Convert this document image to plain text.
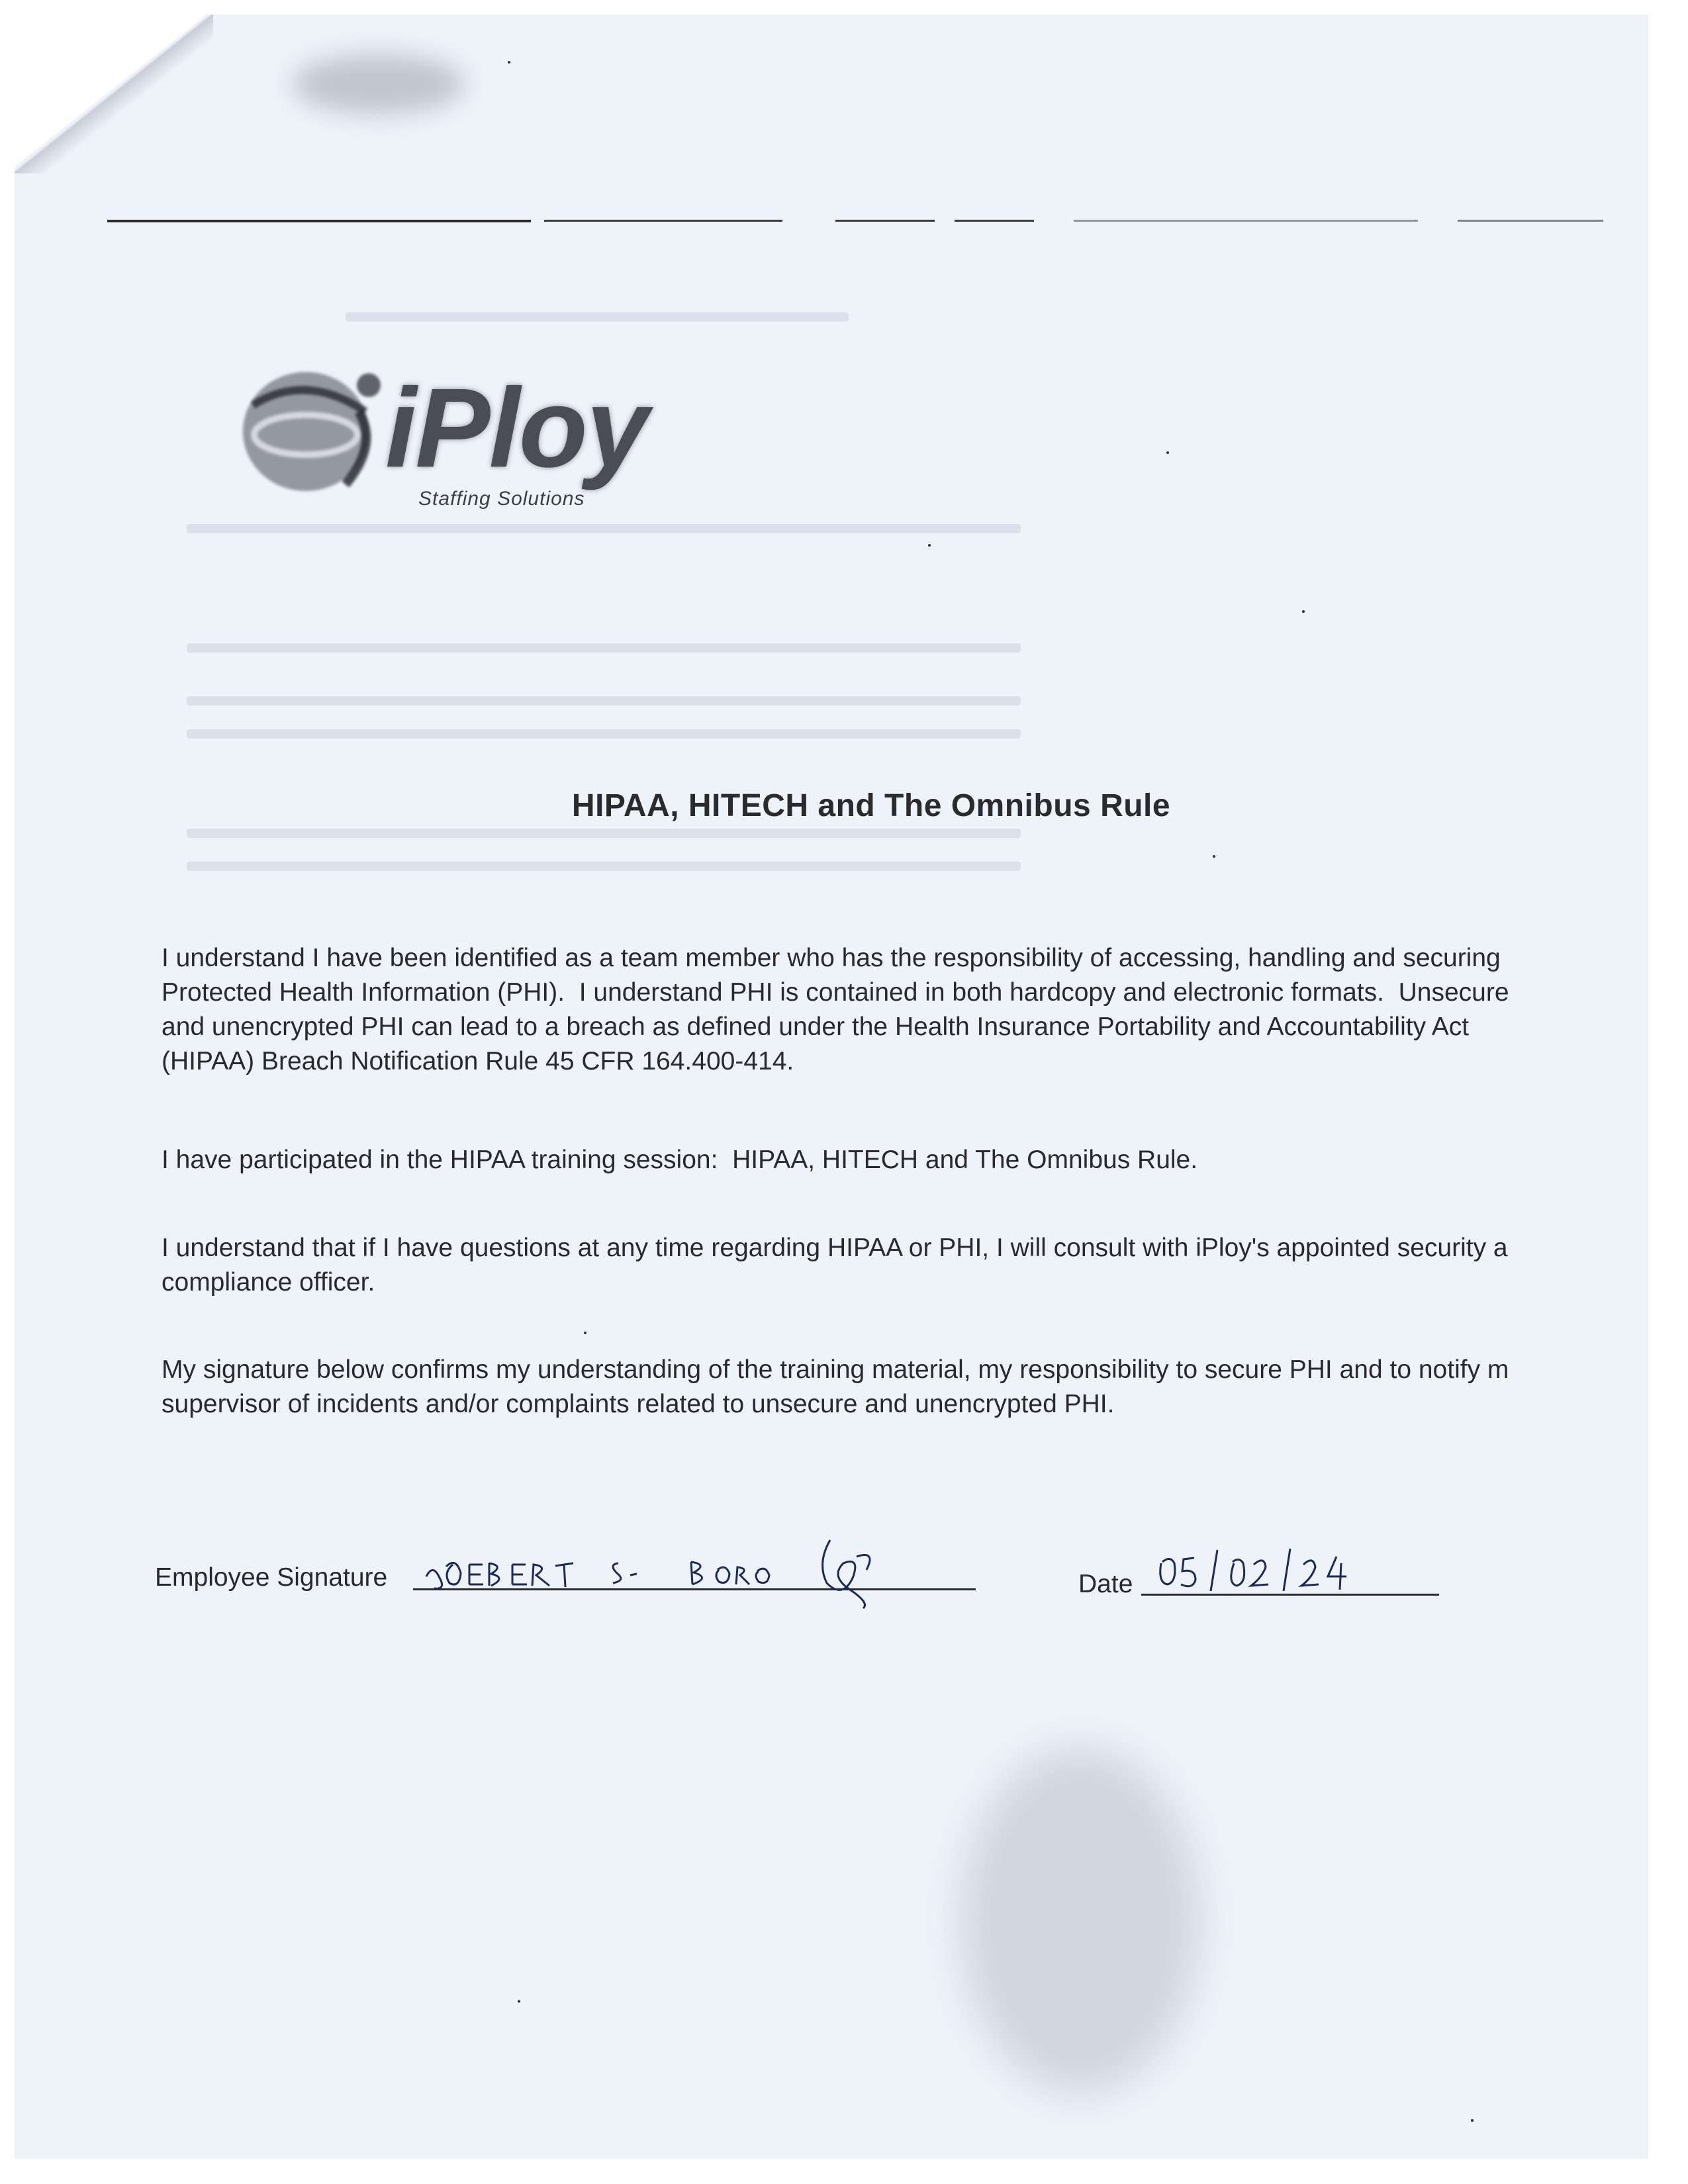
iPloy
Staffing Solutions
HIPAA, HITECH and The Omnibus Rule
I understand I have been identified as a team member who has the responsibility of accessing, handling and securing
Protected Health Information (PHI).  I understand PHI is contained in both hardcopy and electronic formats.  Unsecure
and unencrypted PHI can lead to a breach as defined under the Health Insurance Portability and Accountability Act
(HIPAA) Breach Notification Rule 45 CFR 164.400-414.
I have participated in the HIPAA training session:  HIPAA, HITECH and The Omnibus Rule.
I understand that if I have questions at any time regarding HIPAA or PHI, I will consult with iPloy's appointed security a
compliance officer.
My signature below confirms my understanding of the training material, my responsibility to secure PHI and to notify m
supervisor of incidents and/or complaints related to unsecure and unencrypted PHI.
Employee Signature	Date
